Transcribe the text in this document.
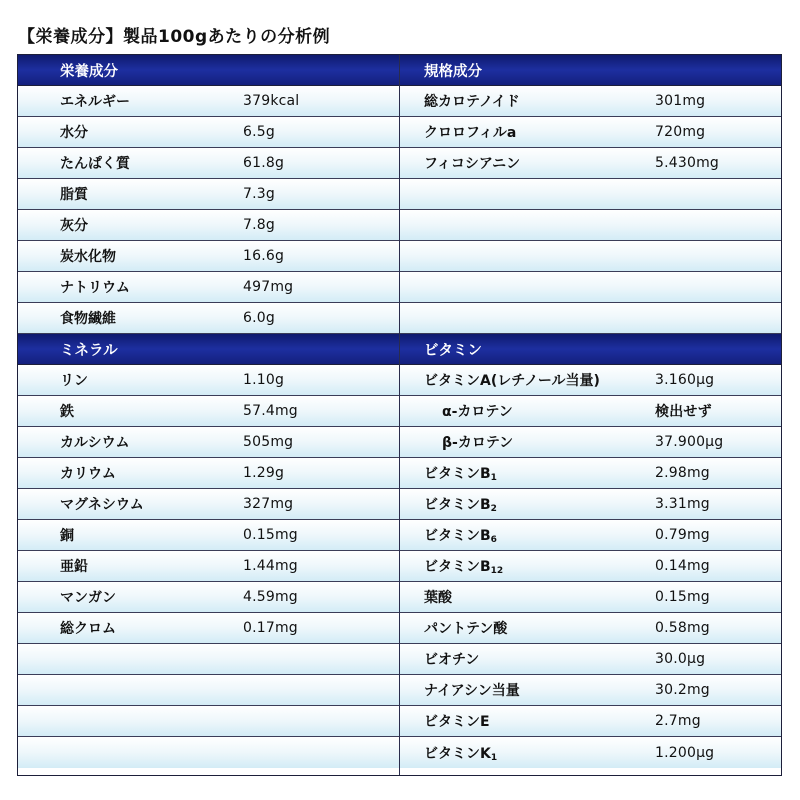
【栄養成分】製品100gあたりの分析例
栄養成分
エネルギー	379kcal
水分	6.5g
たんぱく質	61.8g
脂質	7.3g
灰分	7.8g
炭水化物	16.6g
ナトリウム	497mg
食物繊維	6.0g
ミネラル
リン	1.10g
鉄	57.4mg
カルシウム	505mg
カリウム	1.29g
マグネシウム	327mg
銅	0.15mg
亜鉛	1.44mg
マンガン	4.59mg
総クロム	0.17mg
規格成分
総カロテノイド	301mg
クロロフィルa	720mg
フィコシアニン	5.430mg
ビタミン
ビタミンA(レチノール当量)	3.160μg
α-カロテン	検出せず
β-カロテン	37.900μg
ビタミン$B_1$	2.98mg
ビタミン$B_2$	3.31mg
ビタミン$B_6$	0.79mg
ビタミン$B_{12}$	0.14mg
葉酸	0.15mg
パントテン酸	0.58mg
ビオチン	30.0μg
ナイアシン当量	30.2mg
ビタミンE	2.7mg
ビタミン$K_1$	1.200μg
